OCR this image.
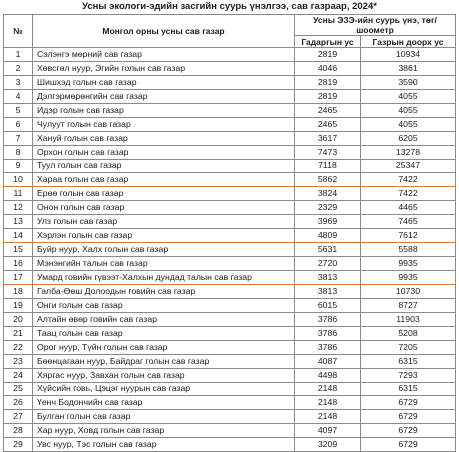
Усны экологи-эдийн засгийн суурь үнэлгээ, сав газраар, 2024*
№	Монгол орны усны сав газар	Усны ЭЗЭ-ийн суурь үнэ, төг/шоометр	
		Гадаргын ус	Газрын доорх ус
1	Сэлэнгэ мөрний сав газар	2819	10934
2	Хөвсгөл нуур, Эгийн голын сав газар	4046	3861
3	Шишхэд голын сав газар	2819	3590
4	Дэлгэрмөрөнгийн сав газар	2819	4055
5	Идэр голын сав газар	2465	4055
6	Чулуут голын сав газар	2465	4055
7	Хануй голын сав газар	3617	6205
8	Орхон голын сав газар	7473	13278
9	Туул голын сав газар	7118	25347
10	Хараа голын сав газар	5862	7422
11	Ерөө голын сав газар	3824	7422
12	Онон голын сав газар	2329	4465
13	Улз голын сав газар	3969	7465
14	Хэрлэн голын сав газар	4809	7612
15	Буйр нуур, Халх голын сав газар	5631	5588
16	Мэнэнгийн талын сав газар	2720	9935
17	Умард говийн гүвээт-Халхын дундад талын сав газар	3813	9935
18	Галба-Өөш Долоодын говийн сав газар	3813	10730
19	Онги голын сав газар	6015	8727
20	Алтайн өвөр говийн сав газар	3786	11903
21	Таац голын сав газар	3786	5208
22	Орог нуур, Түйн голын сав газар	3786	7205
23	Бөөнцагаан нуур, Байдраг голын сав газар	4087	6315
24	Хяргас нуур, Завхан голын сав газар	4498	7293
25	Хүйсийн говь, Цэцэг нуурын сав газар	2148	6315
26	Үенч Бодончийн сав газар	2148	6729
27	Булган голын сав газар	2148	6729
28	Хар нуур, Ховд голын сав газар	4097	6729
29	Увс нуур, Тэс голын сав газар	3209	6729
